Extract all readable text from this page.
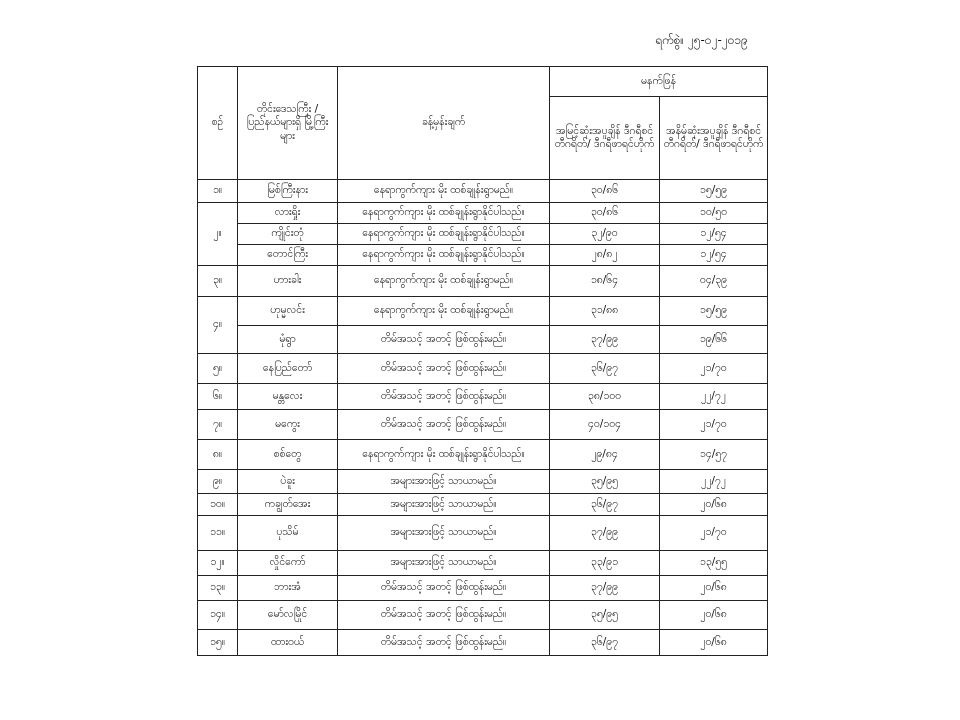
ရက်စွဲ။ ၂၅-၀၂-၂၀၁၉
စဉ်	တိုင်းဒေသကြီး / ပြည်နယ်များရှိ မြို့ကြီးများ	ခန့်မှန်းချက်	မနက်ဖြန်	
			အမြင့်ဆုံးအပူချိန် ဒီဂရီစင်တီဂရိတ်/ ဒီဂရီဖာရင်ဟိုက်	အနိမ့်ဆုံးအပူချိန် ဒီဂရီစင်တီဂရိတ်/ ဒီဂရီဖာရင်ဟိုက်
၁။	မြစ်ကြီးနား	နေရာကွက်ကျား မိုး ထစ်ချုန်းရွာမည်။	၃၀/၈၆	၁၅/၅၉
၂။	လားရှိုး	နေရာကွက်ကျား မိုး ထစ်ချုန်းရွာနိုင်ပါသည်။	၃၀/၈၆	၁၀/၅၀
	ကျိုင်းတုံ	နေရာကွက်ကျား မိုး ထစ်ချုန်းရွာနိုင်ပါသည်။	၃၂/၉၀	၁၂/၅၄
	တောင်ကြီး	နေရာကွက်ကျား မိုး ထစ်ချုန်းရွာနိုင်ပါသည်။	၂၈/၈၂	၁၂/၅၄
၃။	ဟားခါး	နေရာကွက်ကျား မိုး ထစ်ချုန်းရွာမည်။	၁၈/၆၄	၀၄/၃၉
၄။	ဟုမ္မလင်း	နေရာကွက်ကျား မိုး ထစ်ချုန်းရွာမည်။	၃၁/၈၈	၁၅/၅၉
	မုံရွာ	တိမ်အသင့် အတင့် ဖြစ်ထွန်းမည်။	၃၇/၉၉	၁၉/၆၆
၅။	နေပြည်တော်	တိမ်အသင့် အတင့် ဖြစ်ထွန်းမည်။	၃၆/၉၇	၂၁/၇၀
၆။	မန္တလေး	တိမ်အသင့် အတင့် ဖြစ်ထွန်းမည်။	၃၈/၁၀၀	၂၂/၇၂
၇။	မကွေး	တိမ်အသင့် အတင့် ဖြစ်ထွန်းမည်။	၄၀/၁၀၄	၂၁/၇၀
၈။	စစ်တွေ	နေရာကွက်ကျား မိုး ထစ်ချုန်းရွာနိုင်ပါသည်။	၂၉/၈၄	၁၄/၅၇
၉။	ပဲခူး	အများအားဖြင့် သာယာမည်။	၃၅/၉၅	၂၂/၇၂
၁၀။	ကချွတ်အေး	အများအားဖြင့် သာယာမည်။	၃၆/၉၇	၂၀/၆၈
၁၁။	ပုသိမ်	အများအားဖြင့် သာယာမည်။	၃၇/၉၉	၂၁/၇၀
၁၂။	လှိုင်ကော်	အများအားဖြင့် သာယာမည်။	၃၃/၉၁	၁၃/၅၅
၁၃။	ဘားအံ	တိမ်အသင့် အတင့် ဖြစ်ထွန်းမည်။	၃၇/၉၉	၂၀/၆၈
၁၄။	မော်လမြိုင်	တိမ်အသင့် အတင့် ဖြစ်ထွန်းမည်။	၃၅/၉၅	၂၀/၆၈
၁၅။	ထားဝယ်	တိမ်အသင့် အတင့် ဖြစ်ထွန်းမည်။	၃၆/၉၇	၂၀/၆၈
